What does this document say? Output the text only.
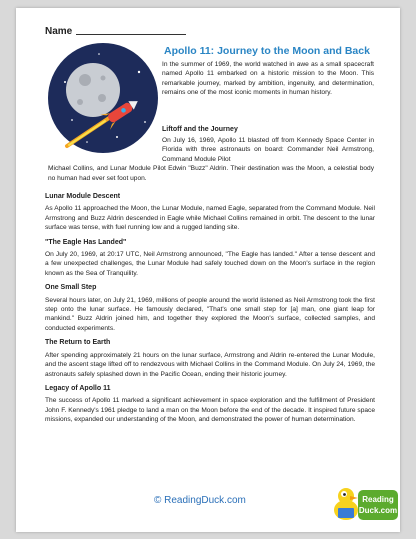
Name
Apollo 11: Journey to the Moon and Back
In the summer of 1969, the world watched in awe as a small spacecraft named Apollo 11 embarked on a historic mission to the Moon. This remarkable journey, marked by ambition, ingenuity, and determination, remains one of the most iconic moments in human history.
Liftoff and the Journey
On July 16, 1969, Apollo 11 blasted off from Kennedy Space Center in Florida with three astronauts on board: Commander Neil Armstrong, Command Module Pilot
Michael Collins, and Lunar Module Pilot Edwin "Buzz" Aldrin. Their destination was the Moon, a celestial body no human had ever set foot upon.
Lunar Module Descent

As Apollo 11 approached the Moon, the Lunar Module, named Eagle, separated from the Command Module. Neil Armstrong and Buzz Aldrin descended in Eagle while Michael Collins remained in orbit. The descent to the lunar surface was tense, with fuel running low and a rugged landing site.

"The Eagle Has Landed"

On July 20, 1969, at 20:17 UTC, Neil Armstrong announced, "The Eagle has landed." After a tense descent and a few unexpected challenges, the Lunar Module had safely touched down on the Moon's surface in the region known as the Sea of Tranquility.

One Small Step

Several hours later, on July 21, 1969, millions of people around the world listened as Neil Armstrong took the first step onto the lunar surface. He famously declared, "That's one small step for [a] man, one giant leap for mankind." Buzz Aldrin joined him, and together they explored the Moon's surface, collected samples, and conducted experiments.

The Return to Earth

After spending approximately 21 hours on the lunar surface, Armstrong and Aldrin re-entered the Lunar Module, and the ascent stage lifted off to rendezvous with Michael Collins in the Command Module. On July 24, 1969, the astronauts safely splashed down in the Pacific Ocean, ending their historic journey.

Legacy of Apollo 11

The success of Apollo 11 marked a significant achievement in space exploration and the fulfillment of President John F. Kennedy's 1961 pledge to land a man on the Moon before the end of the decade. It inspired future space missions, expanded our understanding of the Moon, and demonstrated the power of human determination.

© ReadingDuck.com	Reading
Duck.com
